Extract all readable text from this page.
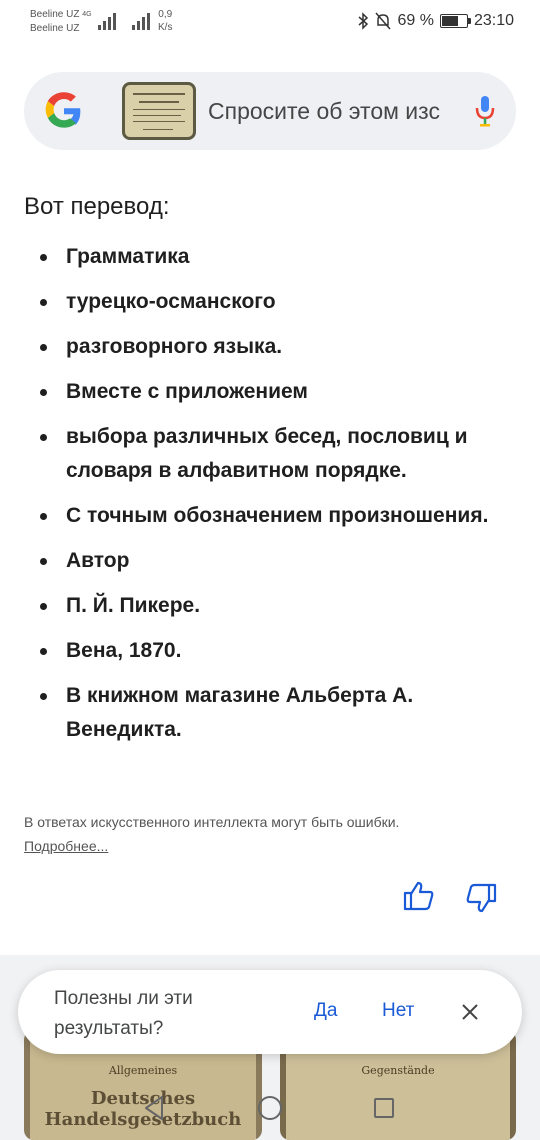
Beeline UZ $^{4G}$
Beeline UZ
0,9
K/s	69 %	23:10
Спросите об этом изс
Вот перевод:
Грамматика
турецко-османского
разговорного языка.
Вместе с приложением
выбора различных бесед, пословиц и словаря в алфавитном порядке.
С точным обозначением произношения.
Автор
П. Й. Пикере.
Вена, 1870.
В книжном магазине Альберта А. Венедикта.
В ответах искусственного интеллекта могут быть ошибки.
Подробнее...
Allgemeines
Deutsches Handelsgesetzbuch
Gegenstände
Полезны ли эти результаты?
Да Нет
